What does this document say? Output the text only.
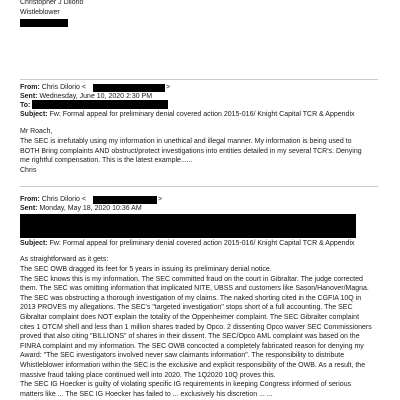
Christopher J Dilorio
Wistleblower
From: Chris Dilorio <	>
Sent: Wednesday, June 10, 2020 2:30 PM
To:
Subject: Fw: Formal appeal for preliminary denial covered action 2015-016/ Knight Capital TCR & Appendix
Mr Roach,

The SEC is irrefutably using my information in unethical and illegal manner. My information is being used to

BOTH Bring complaints AND obstruct/protect investigations into entities detailed in my several TCR's. Denying

me rightful compensation. This is the latest example......

Chris

From: Chris Dilorio <	>
Sent: Monday, May 18, 2020 10:36 AM
Subject: Fw: Formal appeal for preliminary denial covered action 2015-016/ Knight Capital TCR & Appendix
As straightforward as it gets:

The SEC OWB dragged its feet for 5 years in issuing its preliminary denial notice.

The SEC knows this is my information. The SEC committed fraud on the court in Gibraltar. The judge corrected

them. The SEC was omitting information that implicated NITE, UBSS and customers like Sason/Hanover/Magna.

The SEC was obstructing a thorough investigation of my claims. The naked shorting cited in the CGFIA 10Q in

2013 PROVES my allegations. The SEC's "targeted investigation" stops short of a full accounting. The SEC

Gibraltar complaint does NOT explain the totality of the Oppenheimer complaint. The SEC Gibralter complaint

cites 1 OTCM shell and less than 1 million shares traded by Opco. 2 dissenting Opco waiver SEC Commissioners

proved that also citing "BILLIONS" of shares in their dissent. The SEC/Opco AML complaint was based on the

FINRA complaint and my information. The SEC OWB concocted a completely fabricated reason for denying my

Award: "The SEC investigators involved never saw claimants information". The responsibility to distribute

Whistleblower information within the SEC is the exclusive and explicit responsibility of the OWB. As a result, the

massive fraud taking place continued well into 2020. The 1Q2020 10Q proves this.

The SEC IG Hoecker is guilty of violating specific IG requirements in keeping Congress informed of serious

matters like ... The SEC IG Hoecker has failed to ... exclusively his discretion ... ...
